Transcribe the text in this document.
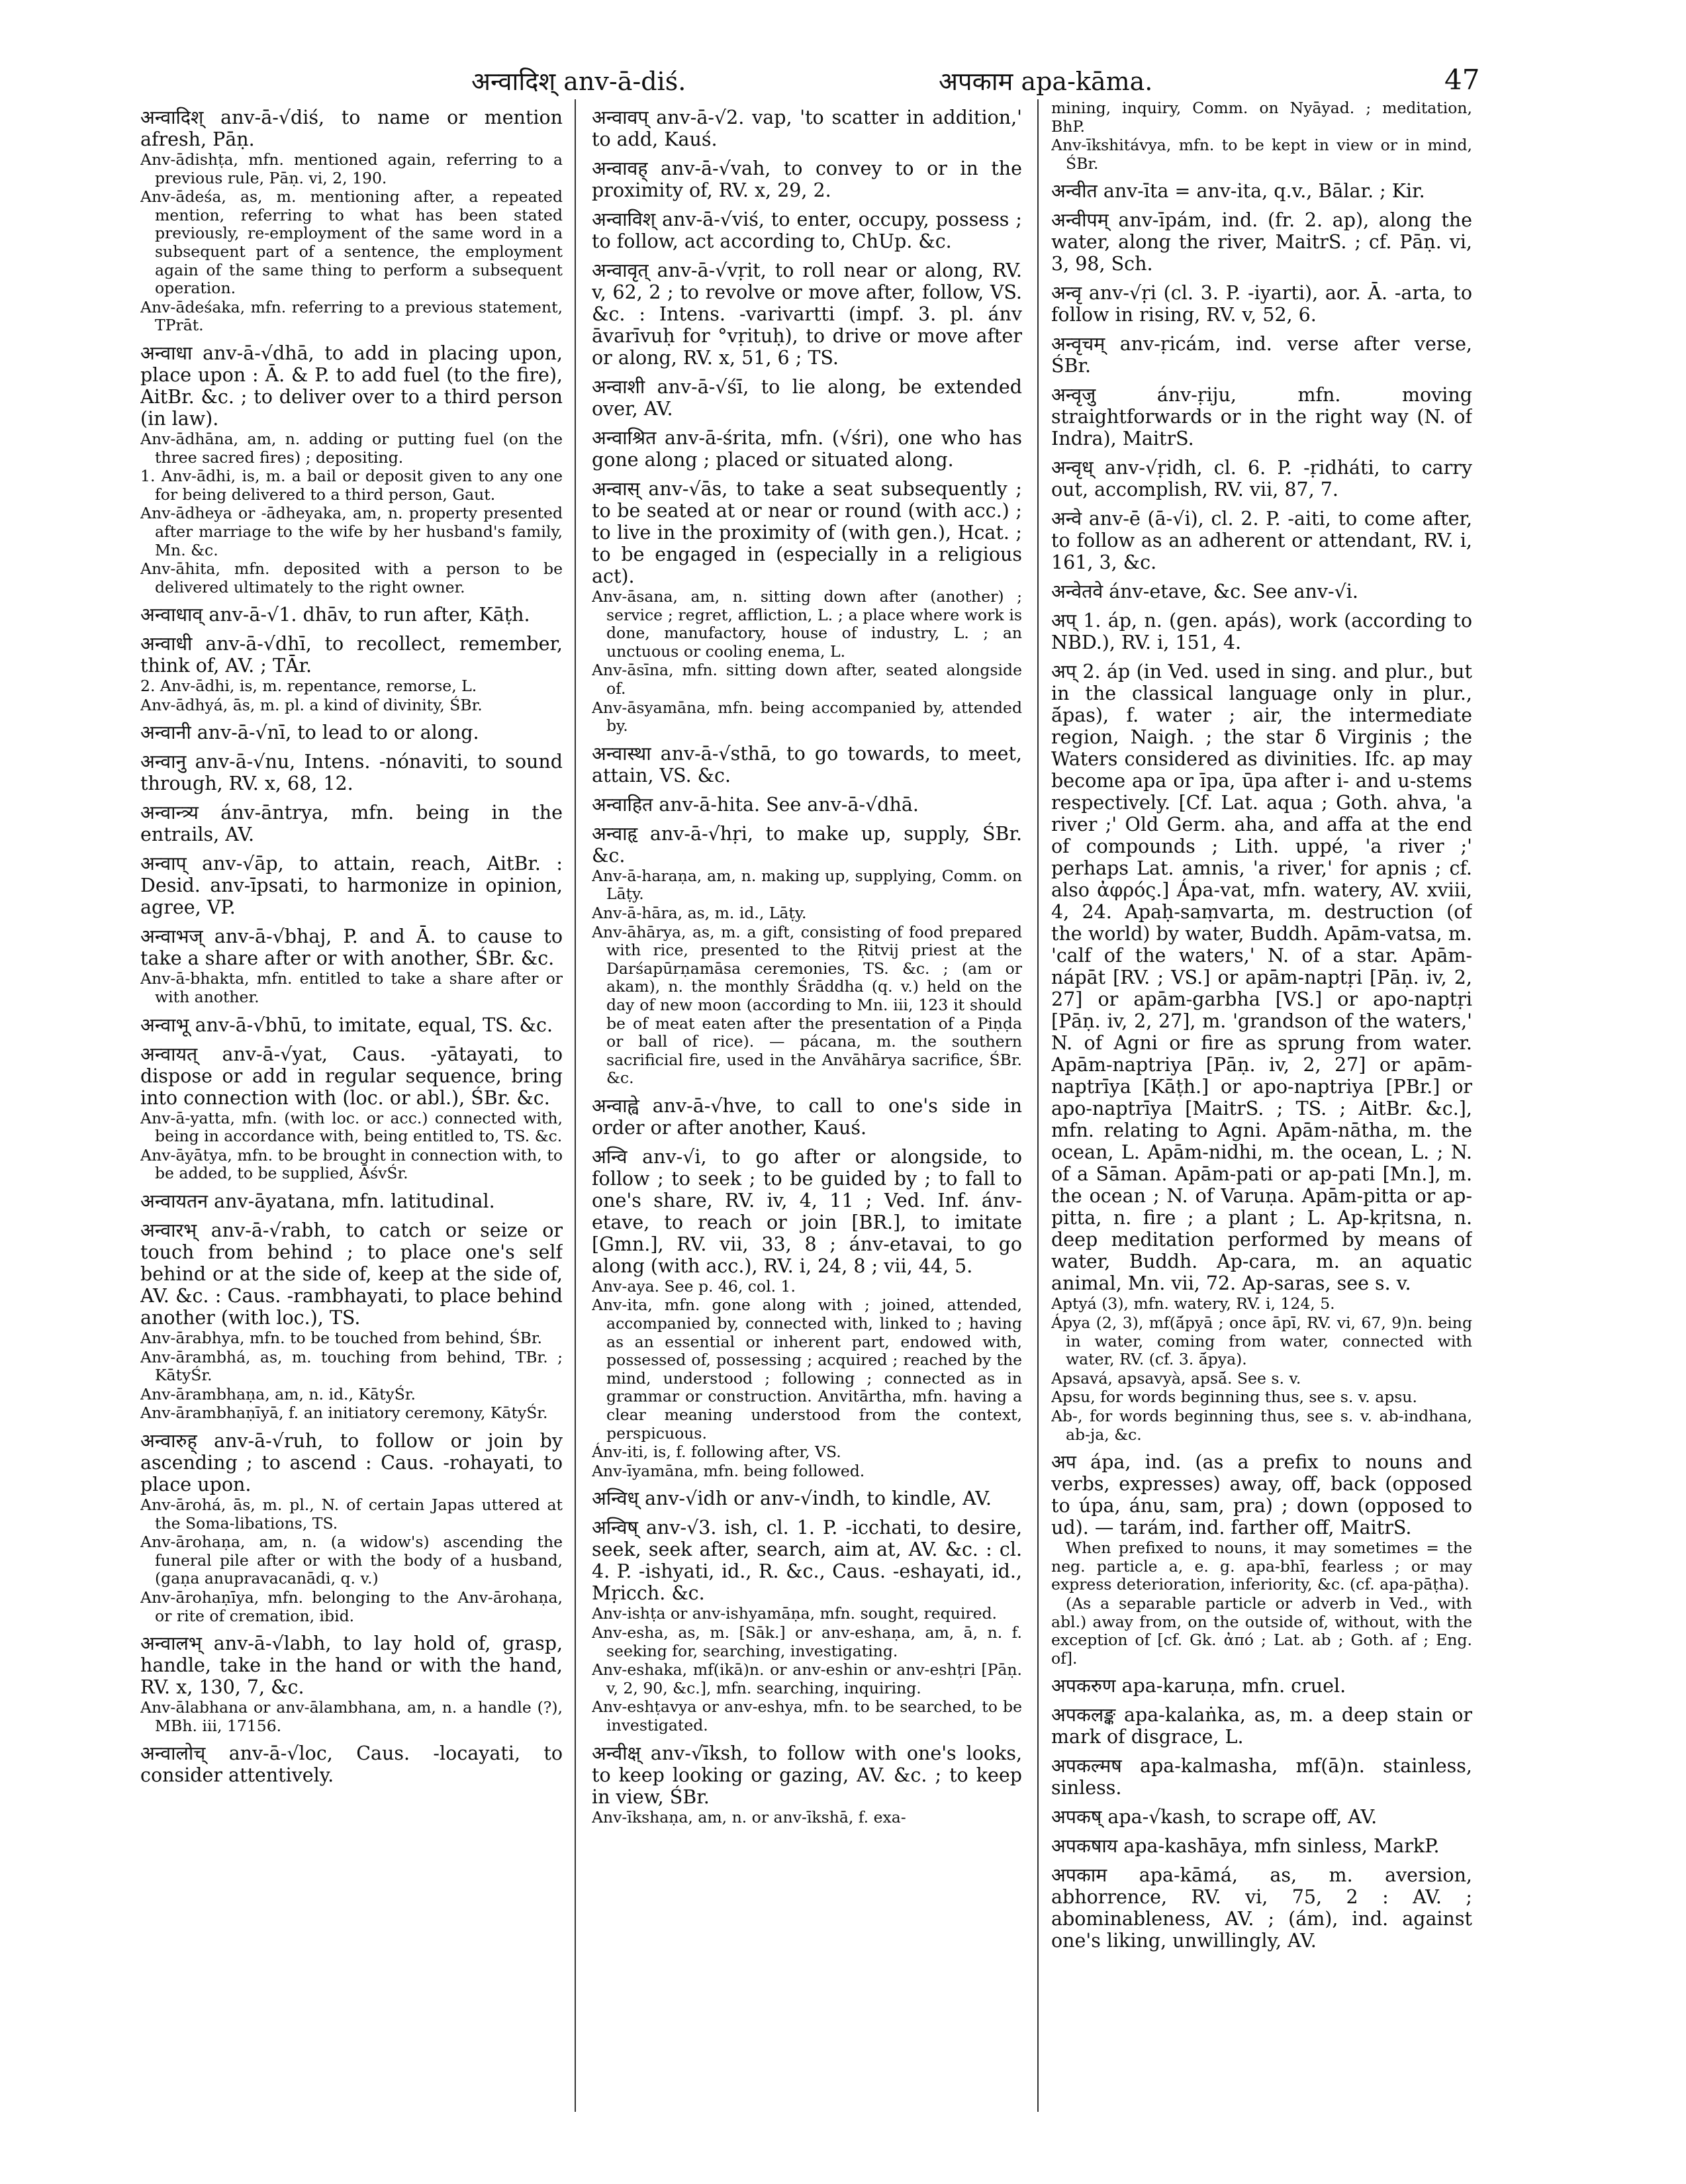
अन्वादिश् anv-ā-diś.	अपकाम apa-kāma.	47
अन्वादिश् anv-ā-√diś, to name or mention afresh, Pāṇ.
Anv-ādishṭa, mfn. mentioned again, referring to a previous rule, Pāṇ. vi, 2, 190.
Anv-ādeśa, as, m. mentioning after, a repeated mention, referring to what has been stated previously, re-employment of the same word in a subsequent part of a sentence, the employment again of the same thing to perform a subsequent operation.
Anv-ādeśaka, mfn. referring to a previous statement, TPrāt.
अन्वाधा anv-ā-√dhā, to add in placing upon, place upon : Ā. & P. to add fuel (to the fire), AitBr. &c. ; to deliver over to a third person (in law).
Anv-ādhāna, am, n. adding or putting fuel (on the three sacred fires) ; depositing.
1. Anv-ādhi, is, m. a bail or deposit given to any one for being delivered to a third person, Gaut.
Anv-ādheya or -ādheyaka, am, n. property presented after marriage to the wife by her husband's family, Mn. &c.
Anv-āhita, mfn. deposited with a person to be delivered ultimately to the right owner.
अन्वाधाव् anv-ā-√1. dhāv, to run after, Kāṭh.
अन्वाधी anv-ā-√dhī, to recollect, remember, think of, AV. ; TĀr.
2. Anv-ādhi, is, m. repentance, remorse, L.
Anv-ādhyá, ās, m. pl. a kind of divinity, ŚBr.
अन्वानी anv-ā-√nī, to lead to or along.
अन्वानु anv-ā-√nu, Intens. -nónaviti, to sound through, RV. x, 68, 12.
अन्वान्त्र्य ánv-āntrya, mfn. being in the entrails, AV.
अन्वाप् anv-√āp, to attain, reach, AitBr. : Desid. anv-īpsati, to harmonize in opinion, agree, VP.
अन्वाभज् anv-ā-√bhaj, P. and Ā. to cause to take a share after or with another, ŚBr. &c.
Anv-ā-bhakta, mfn. entitled to take a share after or with another.
अन्वाभू anv-ā-√bhū, to imitate, equal, TS. &c.
अन्वायत् anv-ā-√yat, Caus. -yātayati, to dispose or add in regular sequence, bring into connection with (loc. or abl.), ŚBr. &c.
Anv-ā-yatta, mfn. (with loc. or acc.) connected with, being in accordance with, being entitled to, TS. &c.
Anv-āyātya, mfn. to be brought in connection with, to be added, to be supplied, ĀśvŚr.
अन्वायतन anv-āyatana, mfn. latitudinal.
अन्वारभ् anv-ā-√rabh, to catch or seize or touch from behind ; to place one's self behind or at the side of, keep at the side of, AV. &c. : Caus. -rambhayati, to place behind another (with loc.), TS.
Anv-ārabhya, mfn. to be touched from behind, ŚBr.
Anv-ārambhá, as, m. touching from behind, TBr. ; KātyŚr.
Anv-ārambhaṇa, am, n. id., KātyŚr.
Anv-ārambhaṇīyā, f. an initiatory ceremony, KātyŚr.
अन्वारुह् anv-ā-√ruh, to follow or join by ascending ; to ascend : Caus. -rohayati, to place upon.
Anv-ārohá, ās, m. pl., N. of certain Japas uttered at the Soma-libations, TS.
Anv-ārohaṇa, am, n. (a widow's) ascending the funeral pile after or with the body of a husband, (gaṇa anupravacanādi, q. v.)
Anv-ārohaṇīya, mfn. belonging to the Anv-ārohaṇa, or rite of cremation, ibid.
अन्वालभ् anv-ā-√labh, to lay hold of, grasp, handle, take in the hand or with the hand, RV. x, 130, 7, &c.
Anv-ālabhana or anv-ālambhana, am, n. a handle (?), MBh. iii, 17156.
अन्वालोच् anv-ā-√loc, Caus. -locayati, to consider attentively.
अन्वावप् anv-ā-√2. vap, 'to scatter in addition,' to add, Kauś.
अन्वावह् anv-ā-√vah, to convey to or in the proximity of, RV. x, 29, 2.
अन्वाविश् anv-ā-√viś, to enter, occupy, possess ; to follow, act according to, ChUp. &c.
अन्वावृत् anv-ā-√vṛit, to roll near or along, RV. v, 62, 2 ; to revolve or move after, follow, VS. &c. : Intens. -varivartti (impf. 3. pl. ánv āvarīvuḥ for °vṛituḥ), to drive or move after or along, RV. x, 51, 6 ; TS.
अन्वाशी anv-ā-√śī, to lie along, be extended over, AV.
अन्वाश्रित anv-ā-śrita, mfn. (√śri), one who has gone along ; placed or situated along.
अन्वास् anv-√ās, to take a seat subsequently ; to be seated at or near or round (with acc.) ; to live in the proximity of (with gen.), Hcat. ; to be engaged in (especially in a religious act).
Anv-āsana, am, n. sitting down after (another) ; service ; regret, affliction, L. ; a place where work is done, manufactory, house of industry, L. ; an unctuous or cooling enema, L.
Anv-āsīna, mfn. sitting down after, seated alongside of.
Anv-āsyamāna, mfn. being accompanied by, attended by.
अन्वास्था anv-ā-√sthā, to go towards, to meet, attain, VS. &c.
अन्वाहित anv-ā-hita. See anv-ā-√dhā.
अन्वाहृ anv-ā-√hṛi, to make up, supply, ŚBr. &c.
Anv-ā-haraṇa, am, n. making up, supplying, Comm. on Lāṭy.
Anv-ā-hāra, as, m. id., Lāṭy.
Anv-āhārya, as, m. a gift, consisting of food prepared with rice, presented to the Ṛitvij priest at the Darśapūrṇamāsa ceremonies, TS. &c. ; (am or akam), n. the monthly Śrāddha (q. v.) held on the day of new moon (according to Mn. iii, 123 it should be of meat eaten after the presentation of a Piṇḍa or ball of rice). — pácana, m. the southern sacrificial fire, used in the Anvāhārya sacrifice, ŚBr. &c.
अन्वाह्वे anv-ā-√hve, to call to one's side in order or after another, Kauś.
अन्वि anv-√i, to go after or alongside, to follow ; to seek ; to be guided by ; to fall to one's share, RV. iv, 4, 11 ; Ved. Inf. ánv-etave, to reach or join [BR.], to imitate [Gmn.], RV. vii, 33, 8 ; ánv-etavai, to go along (with acc.), RV. i, 24, 8 ; vii, 44, 5.
Anv-aya. See p. 46, col. 1.
Anv-ita, mfn. gone along with ; joined, attended, accompanied by, connected with, linked to ; having as an essential or inherent part, endowed with, possessed of, possessing ; acquired ; reached by the mind, understood ; following ; connected as in grammar or construction. Anvitārtha, mfn. having a clear meaning understood from the context, perspicuous.
Ánv-iti, is, f. following after, VS.
Anv-īyamāna, mfn. being followed.
अन्विध् anv-√idh or anv-√indh, to kindle, AV.
अन्विष् anv-√3. ish, cl. 1. P. -icchati, to desire, seek, seek after, search, aim at, AV. &c. : cl. 4. P. -ishyati, id., R. &c., Caus. -eshayati, id., Mṛicch. &c.
Anv-ishṭa or anv-ishyamāṇa, mfn. sought, required.
Anv-esha, as, m. [Sāk.] or anv-eshaṇa, am, ā, n. f. seeking for, searching, investigating.
Anv-eshaka, mf(ikā)n. or anv-eshin or anv-eshṭri [Pāṇ. v, 2, 90, &c.], mfn. searching, inquiring.
Anv-eshṭavya or anv-eshya, mfn. to be searched, to be investigated.
अन्वीक्ष् anv-√īksh, to follow with one's looks, to keep looking or gazing, AV. &c. ; to keep in view, ŚBr.
Anv-īkshaṇa, am, n. or anv-īkshā, f. exa-
mining, inquiry, Comm. on Nyāyad. ; meditation, BhP.
Anv-īkshitávya, mfn. to be kept in view or in mind, ŚBr.
अन्वीत anv-īta = anv-ita, q.v., Bālar. ; Kir.
अन्वीपम् anv-īpám, ind. (fr. 2. ap), along the water, along the river, MaitrS. ; cf. Pāṇ. vi, 3, 98, Sch.
अन्वृ anv-√ṛi (cl. 3. P. -iyarti), aor. Ā. -arta, to follow in rising, RV. v, 52, 6.
अन्वृचम् anv-ṛicám, ind. verse after verse, ŚBr.
अन्वृजु ánv-ṛiju, mfn. moving straightforwards or in the right way (N. of Indra), MaitrS.
अन्वृध् anv-√ṛidh, cl. 6. P. -ṛidháti, to carry out, accomplish, RV. vii, 87, 7.
अन्वे anv-ē (ā-√i), cl. 2. P. -aiti, to come after, to follow as an adherent or attendant, RV. i, 161, 3, &c.
अन्वेतवे ánv-etave, &c. See anv-√i.
अप् 1. áp, n. (gen. apás), work (according to NBD.), RV. i, 151, 4.
अप् 2. áp (in Ved. used in sing. and plur., but in the classical language only in plur., ā́pas), f. water ; air, the intermediate region, Naigh. ; the star δ Virginis ; the Waters considered as divinities. Ifc. ap may become apa or īpa, ūpa after i- and u-stems respectively. [Cf. Lat. aqua ; Goth. ahva, 'a river ;' Old Germ. aha, and affa at the end of compounds ; Lith. uppé, 'a river ;' perhaps Lat. amnis, 'a river,' for apnis ; cf. also ἀφρός.] Ápa-vat, mfn. watery, AV. xviii, 4, 24. Apaḥ-saṃvarta, m. destruction (of the world) by water, Buddh. Apām-vatsa, m. 'calf of the waters,' N. of a star. Apām-nápāt [RV. ; VS.] or apām-naptṛi [Pāṇ. iv, 2, 27] or apām-garbha [VS.] or apo-naptṛi [Pāṇ. iv, 2, 27], m. 'grandson of the waters,' N. of Agni or fire as sprung from water. Apām-naptriya [Pāṇ. iv, 2, 27] or apām-naptrīya [Kāṭh.] or apo-naptriya [PBr.] or apo-naptrīya [MaitrS. ; TS. ; AitBr. &c.], mfn. relating to Agni. Apām-nātha, m. the ocean, L. Apām-nidhi, m. the ocean, L. ; N. of a Sāman. Apām-pati or ap-pati [Mn.], m. the ocean ; N. of Varuṇa. Apām-pitta or ap-pitta, n. fire ; a plant ; L. Ap-kṛitsna, n. deep meditation performed by means of water, Buddh. Ap-cara, m. an aquatic animal, Mn. vii, 72. Ap-saras, see s. v.
Aptyá (3), mfn. watery, RV. i, 124, 5.
Ápya (2, 3), mf(ā́pyā ; once āpī, RV. vi, 67, 9)n. being in water, coming from water, connected with water, RV. (cf. 3. ā́pya).
Apsavá, apsavyà, apsā́. See s. v.
Apsu, for words beginning thus, see s. v. apsu.
Ab-, for words beginning thus, see s. v. ab-indhana, ab-ja, &c.
अप ápa, ind. (as a prefix to nouns and verbs, expresses) away, off, back (opposed to úpa, ánu, sam, pra) ; down (opposed to ud). — tarám, ind. farther off, MaitrS.
When prefixed to nouns, it may sometimes = the neg. particle a, e. g. apa-bhī, fearless ; or may express deterioration, inferiority, &c. (cf. apa-pāṭha).
(As a separable particle or adverb in Ved., with abl.) away from, on the outside of, without, with the exception of [cf. Gk. ἀπό ; Lat. ab ; Goth. af ; Eng. of].
अपकरुण apa-karuṇa, mfn. cruel.
अपकलङ्क apa-kalaṅka, as, m. a deep stain or mark of disgrace, L.
अपकल्मष apa-kalmasha, mf(ā)n. stainless, sinless.
अपकष् apa-√kash, to scrape off, AV.
अपकषाय apa-kashāya, mfn sinless, MarkP.
अपकाम apa-kāmá, as, m. aversion, abhorrence, RV. vi, 75, 2 : AV. ; abominableness, AV. ; (ám), ind. against one's liking, unwillingly, AV.
